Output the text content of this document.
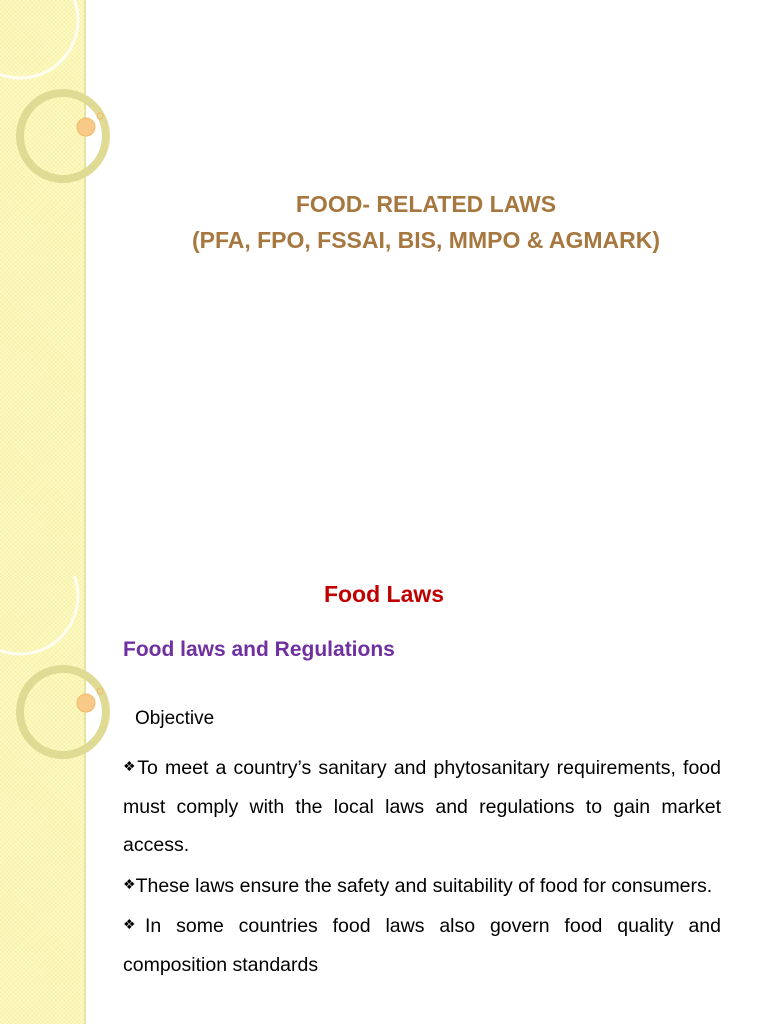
FOOD- RELATED LAWS
(PFA, FPO, FSSAI, BIS, MMPO & AGMARK)
Food Laws
Food laws and Regulations
Objective

❖To meet a country’s sanitary and phytosanitary requirements, food must comply with the local laws and regulations to gain market access.

❖These laws ensure the safety and suitability of food for consumers.

❖In some countries food laws also govern food quality and composition standards
